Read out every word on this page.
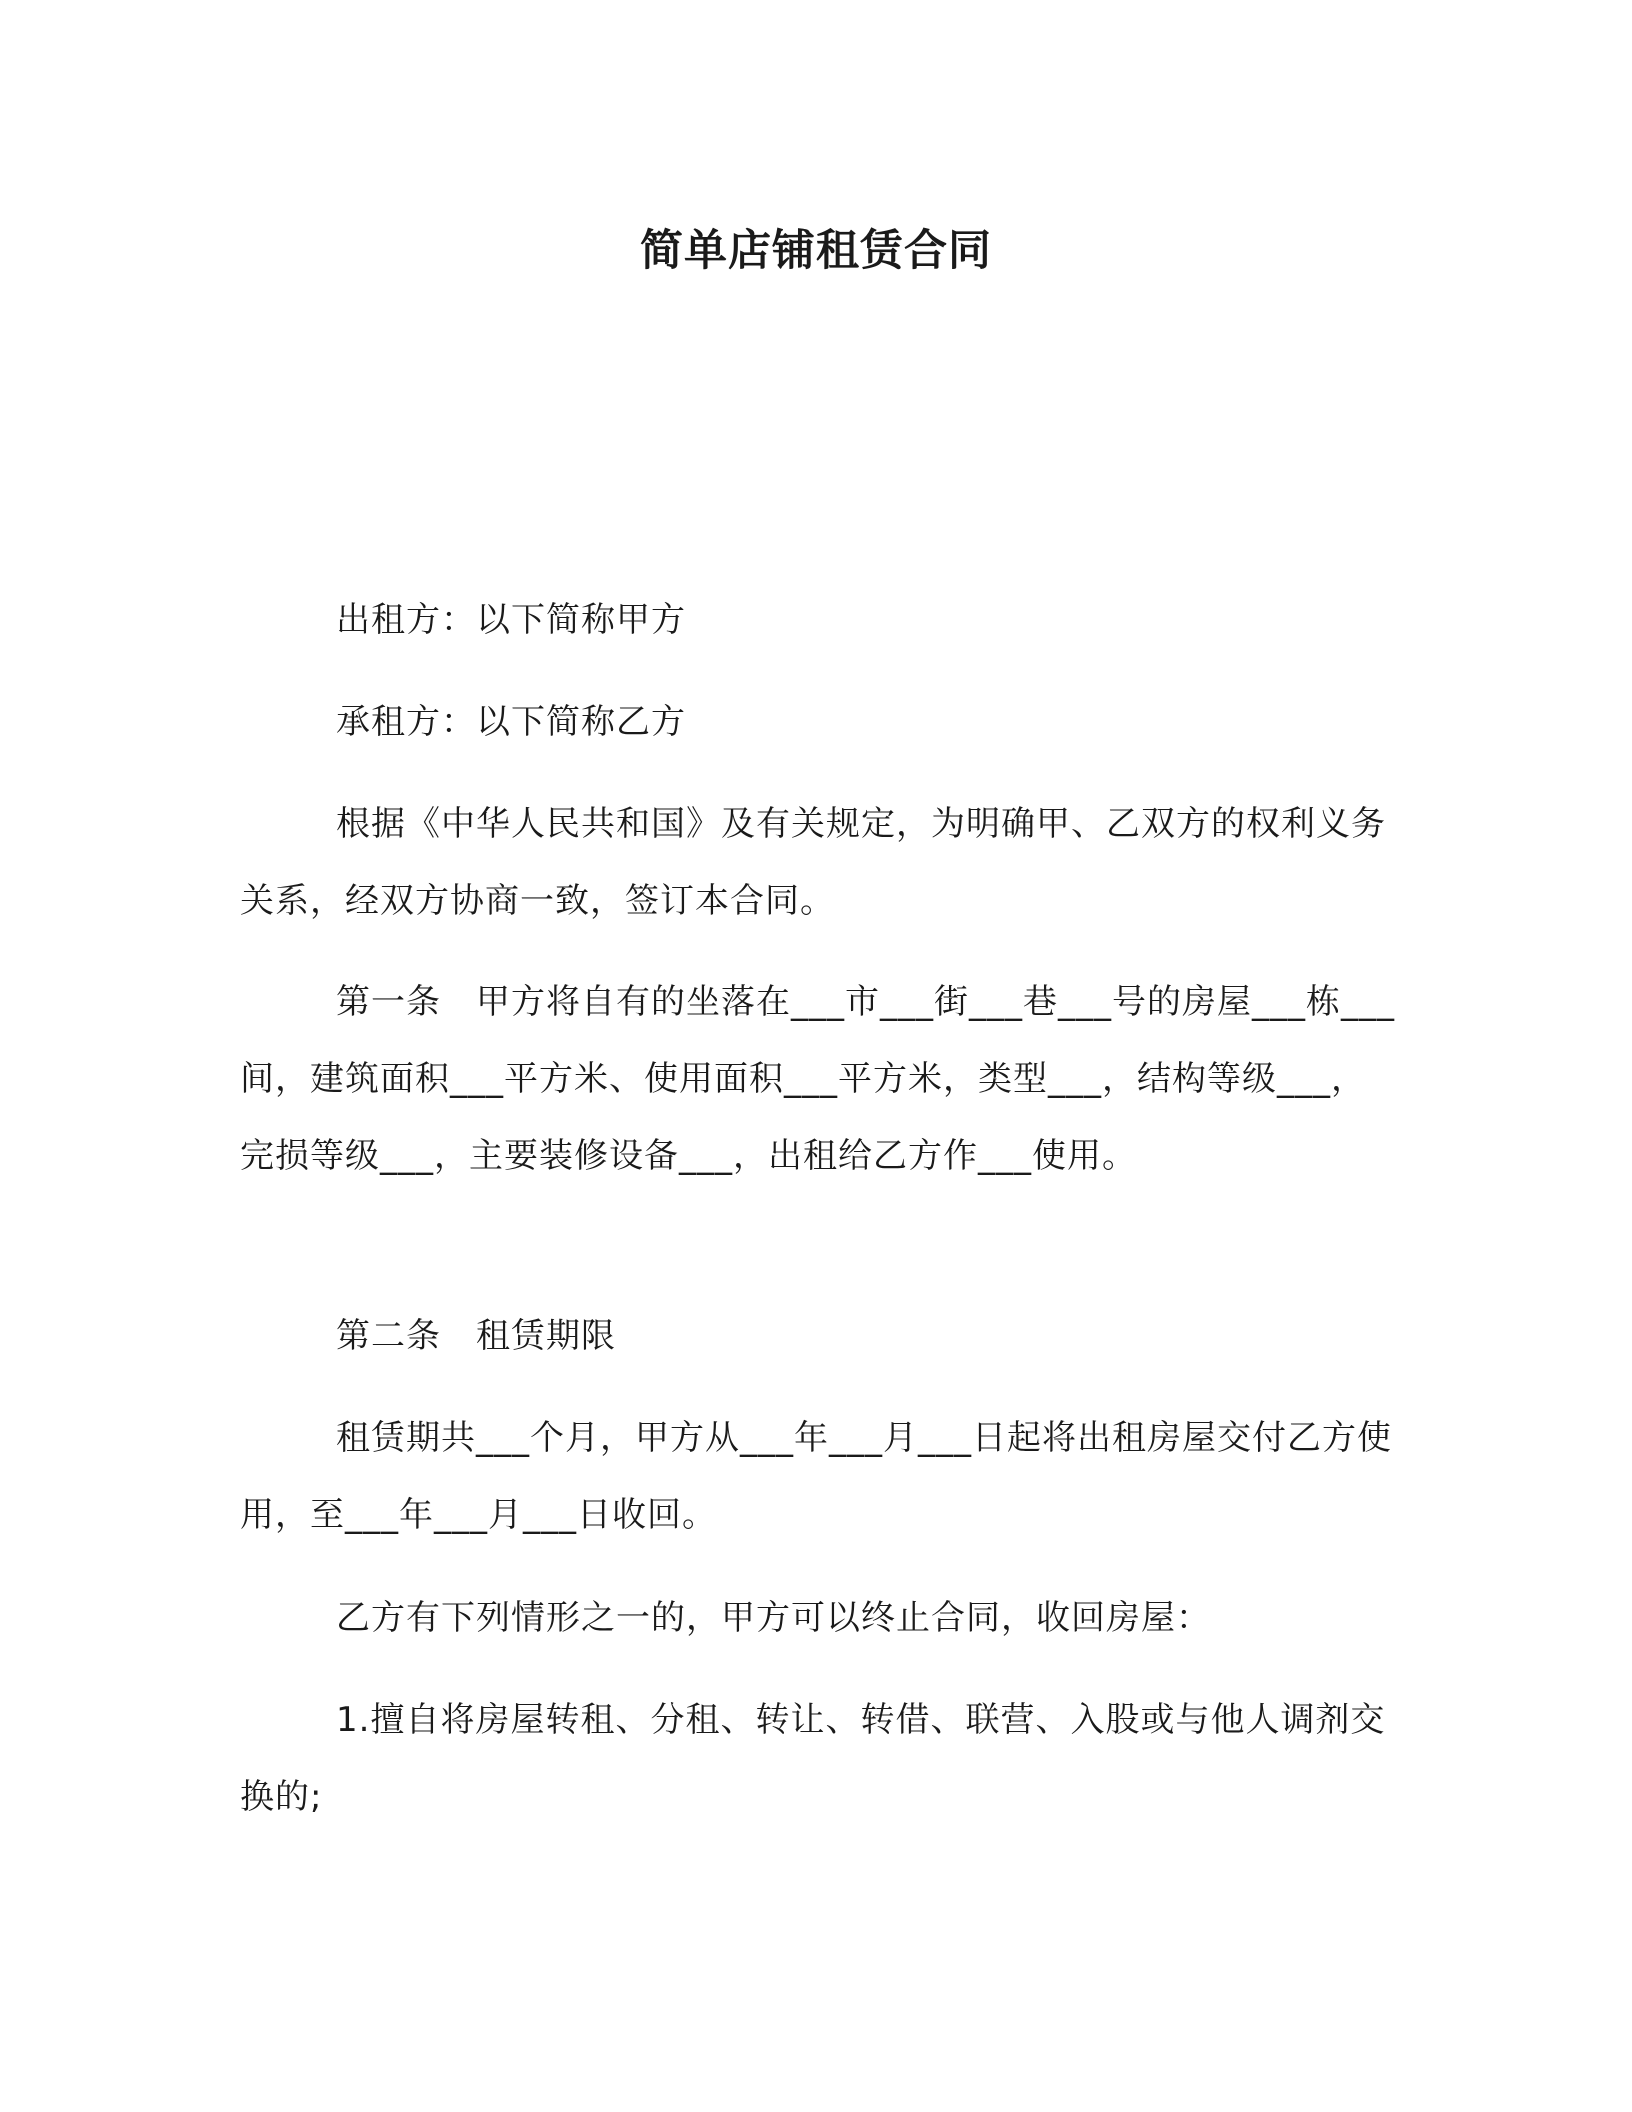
简单店铺租赁合同

出租方：以下简称甲方

承租方：以下简称乙方

根据《中华人民共和国》及有关规定，为明确甲、乙双方的权利义务关系，经双方协商一致，签订本合同。

第一条　甲方将自有的坐落在___市___街___巷___号的房屋___栋___间，建筑面积___平方米、使用面积___平方米，类型___，结构等级___，完损等级___，主要装修设备___，出租给乙方作___使用。

第二条　租赁期限

租赁期共___个月，甲方从___年___月___日起将出租房屋交付乙方使用，至___年___月___日收回。

乙方有下列情形之一的，甲方可以终止合同，收回房屋：

1.擅自将房屋转租、分租、转让、转借、联营、入股或与他人调剂交换的;
